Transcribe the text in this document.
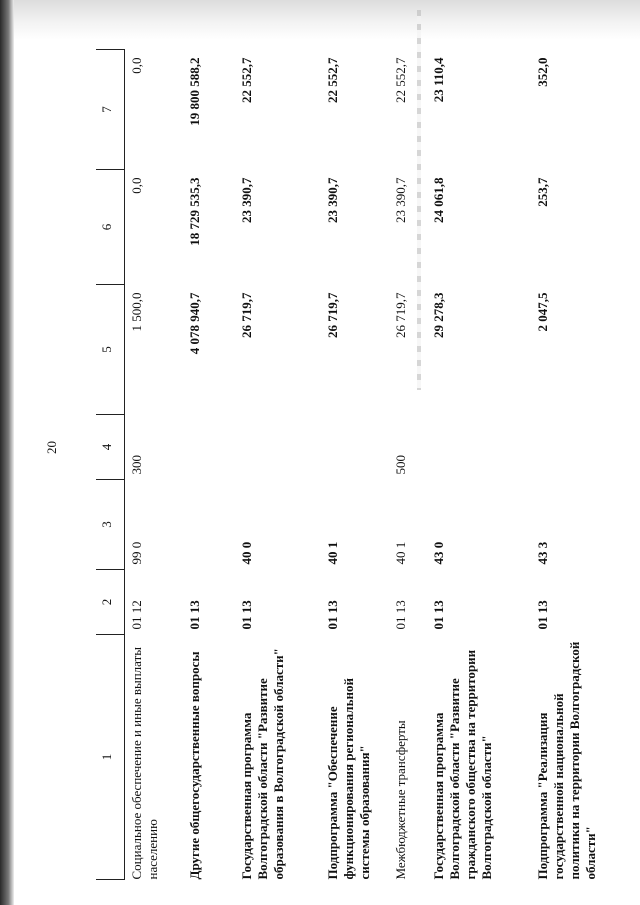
20
1	2	3	4	5	6	7
Социальное обеспечение и иные выплаты населению	01 12	99 0	300	1 500,0	0,0	0,0
Другие общегосударственные вопросы	01 13			4 078 940,7	18 729 535,3	19 800 588,2
Государственная программа Волгоградской области "Развитие образования в Волгоградской области"	01 13	40 0		26 719,7	23 390,7	22 552,7
Подпрограмма "Обеспечение функционирования региональной системы образования"	01 13	40 1		26 719,7	23 390,7	22 552,7
Межбюджетные трансферты	01 13	40 1	500	26 719,7	23 390,7	22 552,7
Государственная программа Волгоградской области "Развитие гражданского общества на территории Волгоградской области"	01 13	43 0		29 278,3	24 061,8	23 110,4
Подпрограмма "Реализация государственной национальной политики на территории Волгоградской области"	01 13	43 3		2 047,5	253,7	352,0
